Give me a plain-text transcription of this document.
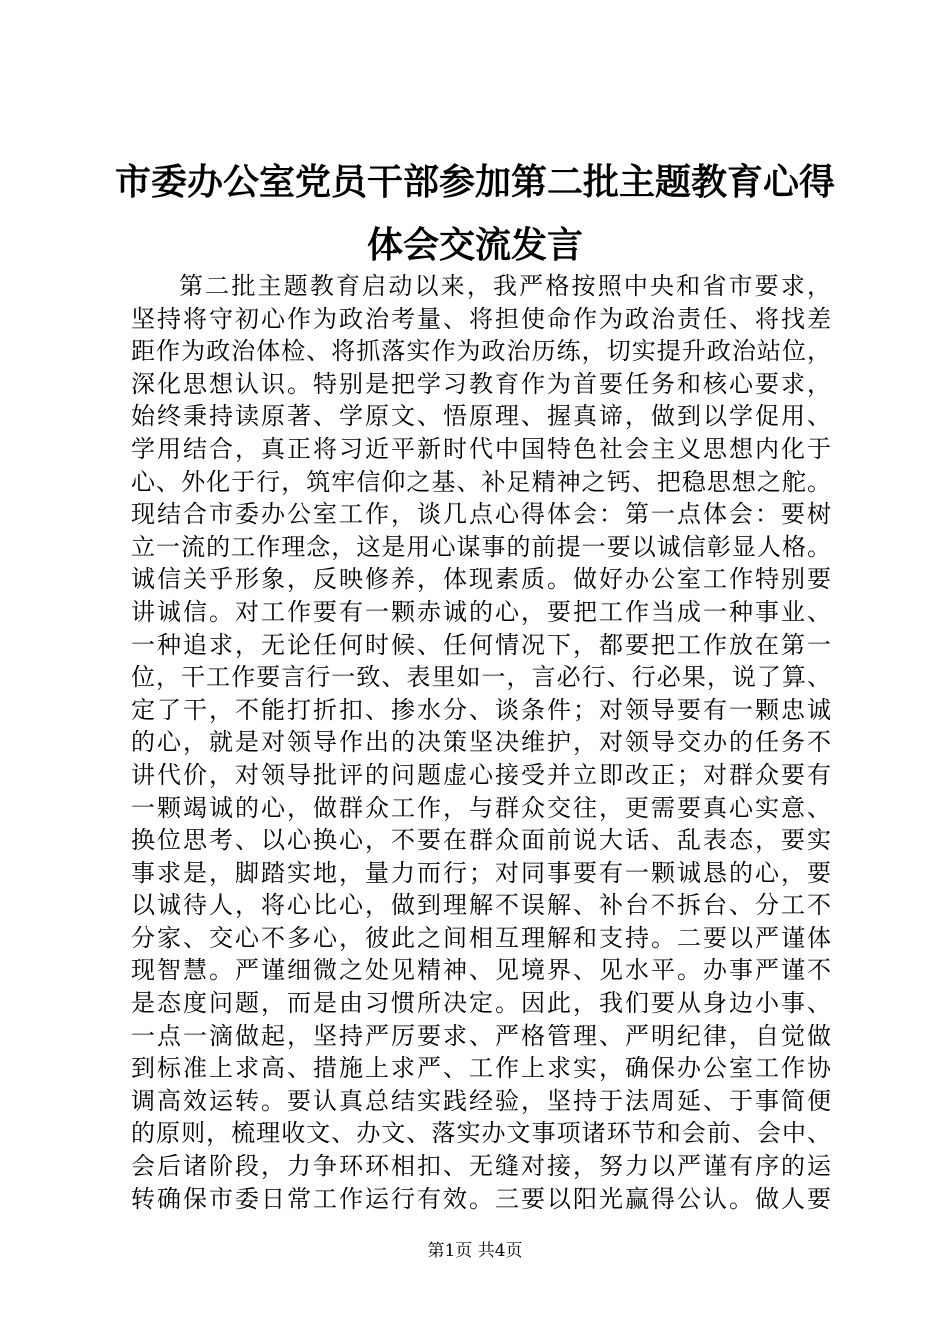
市委办公室党员干部参加第二批主题教育心得
体会交流发言
第二批主题教育启动以来，我严格按照中央和省市要求，
坚持将守初心作为政治考量、将担使命作为政治责任、将找差
距作为政治体检、将抓落实作为政治历练，切实提升政治站位，
深化思想认识。特别是把学习教育作为首要任务和核心要求，
始终秉持读原著、学原文、悟原理、握真谛，做到以学促用、
学用结合，真正将习近平新时代中国特色社会主义思想内化于
心、外化于行，筑牢信仰之基、补足精神之钙、把稳思想之舵。
现结合市委办公室工作，谈几点心得体会：第一点体会：要树
立一流的工作理念，这是用心谋事的前提一要以诚信彰显人格。
诚信关乎形象，反映修养，体现素质。做好办公室工作特别要
讲诚信。对工作要有一颗赤诚的心，要把工作当成一种事业、
一种追求，无论任何时候、任何情况下，都要把工作放在第一
位，干工作要言行一致、表里如一，言必行、行必果，说了算、
定了干，不能打折扣、掺水分、谈条件；对领导要有一颗忠诚
的心，就是对领导作出的决策坚决维护，对领导交办的任务不
讲代价，对领导批评的问题虚心接受并立即改正；对群众要有
一颗竭诚的心，做群众工作，与群众交往，更需要真心实意、
换位思考、以心换心，不要在群众面前说大话、乱表态，要实
事求是，脚踏实地，量力而行；对同事要有一颗诚恳的心，要
以诚待人，将心比心，做到理解不误解、补台不拆台、分工不
分家、交心不多心，彼此之间相互理解和支持。二要以严谨体
现智慧。严谨细微之处见精神、见境界、见水平。办事严谨不
是态度问题，而是由习惯所决定。因此，我们要从身边小事、
一点一滴做起，坚持严厉要求、严格管理、严明纪律，自觉做
到标准上求高、措施上求严、工作上求实，确保办公室工作协
调高效运转。要认真总结实践经验，坚持于法周延、于事简便
的原则，梳理收文、办文、落实办文事项诸环节和会前、会中、
会后诸阶段，力争环环相扣、无缝对接，努力以严谨有序的运
转确保市委日常工作运行有效。三要以阳光赢得公认。做人要
第1页 共4页
